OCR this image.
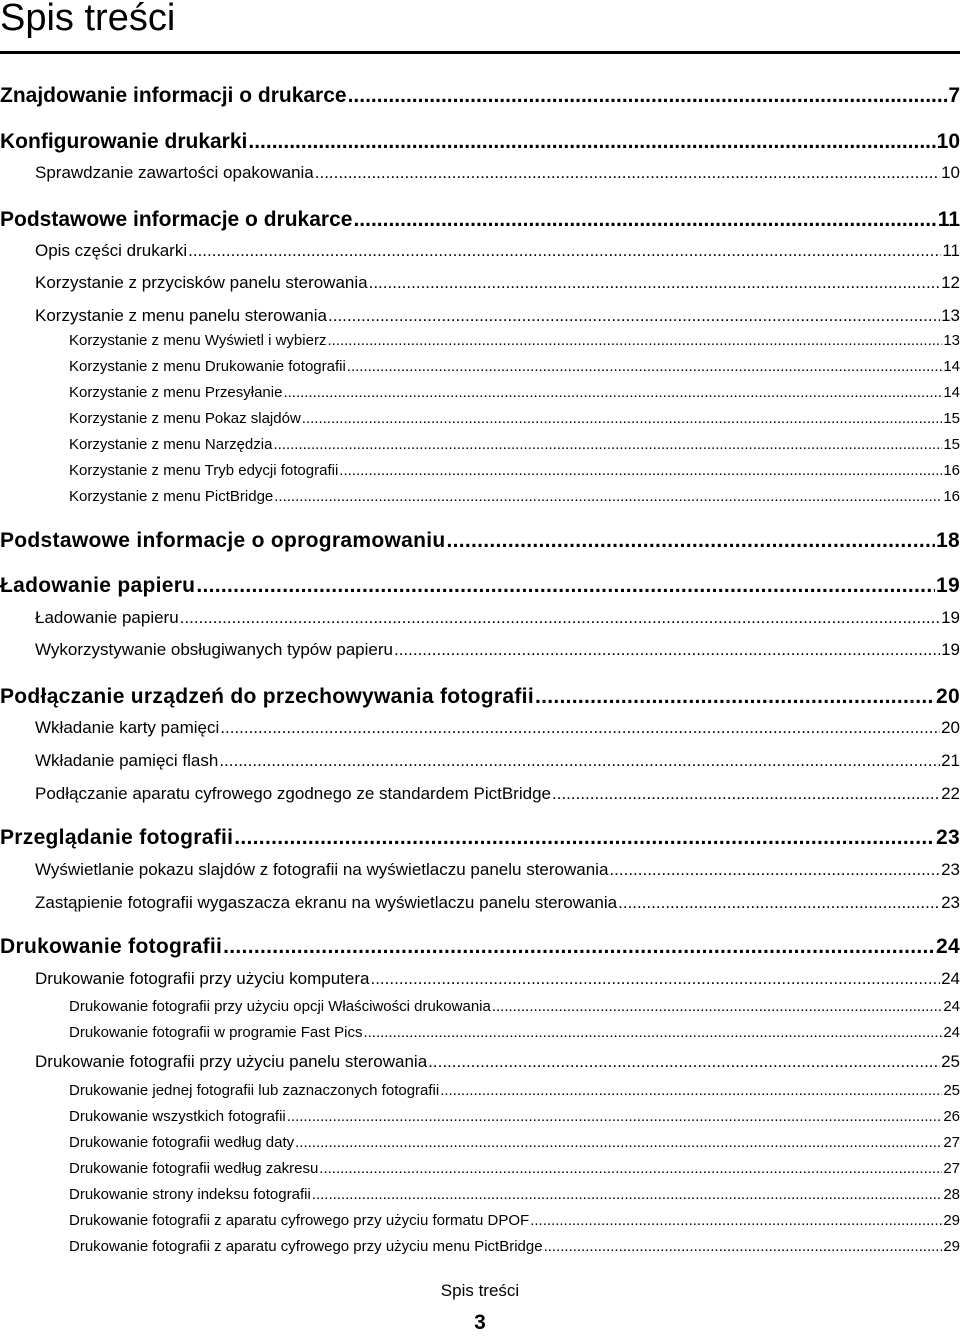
Spis treści
Znajdowanie informacji o drukarce .....	7
Konfigurowanie drukarki .....	10
Sprawdzanie zawartości opakowania .....	10
Podstawowe informacje o drukarce .....	11
Opis części drukarki .....	11
Korzystanie z przycisków panelu sterowania .....	12
Korzystanie z menu panelu sterowania .....	13
Korzystanie z menu Wyświetl i wybierz .....	13
Korzystanie z menu Drukowanie fotografii .....	14
Korzystanie z menu Przesyłanie .....	14
Korzystanie z menu Pokaz slajdów .....	15
Korzystanie z menu Narzędzia .....	15
Korzystanie z menu Tryb edycji fotografii .....	16
Korzystanie z menu PictBridge .....	16
Podstawowe informacje o oprogramowaniu .....	18
Ładowanie papieru .....	19
Ładowanie papieru .....	19
Wykorzystywanie obsługiwanych typów papieru .....	19
Podłączanie urządzeń do przechowywania fotografii .....	20
Wkładanie karty pamięci .....	20
Wkładanie pamięci flash .....	21
Podłączanie aparatu cyfrowego zgodnego ze standardem PictBridge .....	22
Przeglądanie fotografii .....	23
Wyświetlanie pokazu slajdów z fotografii na wyświetlaczu panelu sterowania .....	23
Zastąpienie fotografii wygaszacza ekranu na wyświetlaczu panelu sterowania .....	23
Drukowanie fotografii .....	24
Drukowanie fotografii przy użyciu komputera .....	24
Drukowanie fotografii przy użyciu opcji Właściwości drukowania .....	24
Drukowanie fotografii w programie Fast Pics .....	24
Drukowanie fotografii przy użyciu panelu sterowania .....	25
Drukowanie jednej fotografii lub zaznaczonych fotografii .....	25
Drukowanie wszystkich fotografii .....	26
Drukowanie fotografii według daty .....	27
Drukowanie fotografii według zakresu .....	27
Drukowanie strony indeksu fotografii .....	28
Drukowanie fotografii z aparatu cyfrowego przy użyciu formatu DPOF .....	29
Drukowanie fotografii z aparatu cyfrowego przy użyciu menu PictBridge .....	29
Spis treści
3
